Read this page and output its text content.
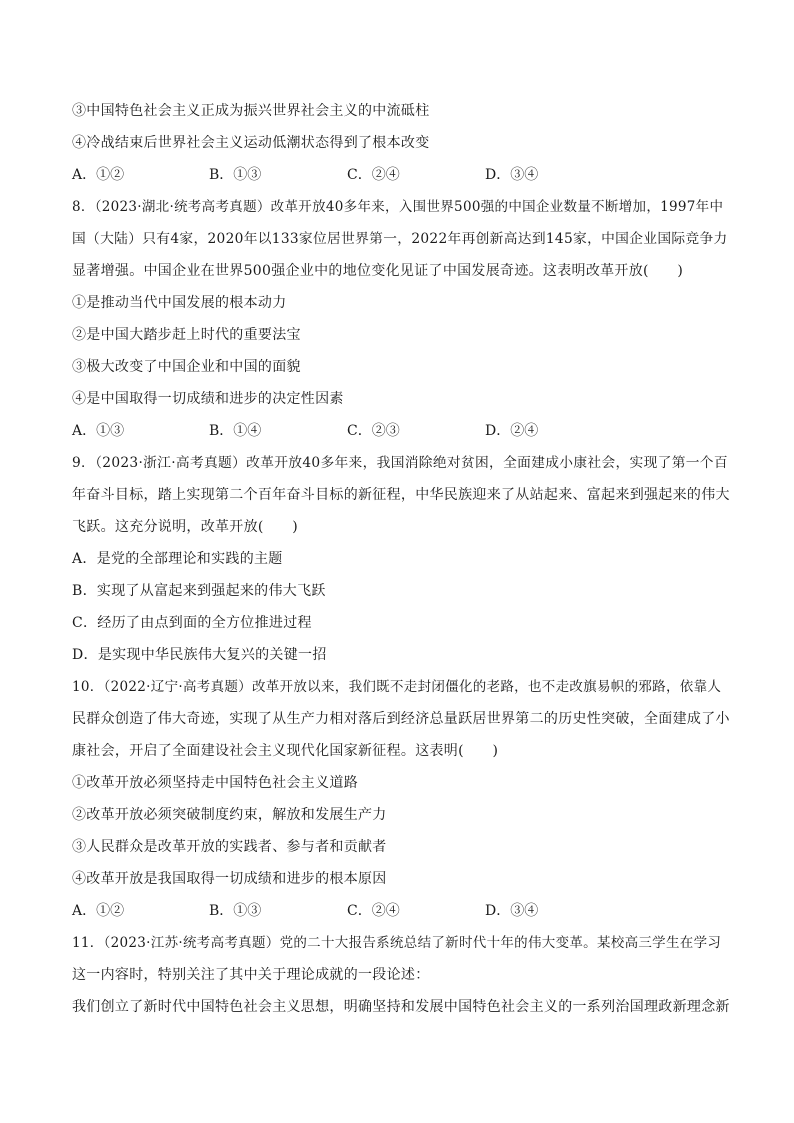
③中国特色社会主义正成为振兴世界社会主义的中流砥柱
④冷战结束后世界社会主义运动低潮状态得到了根本改变
A．①②	B．①③	C．②④	D．③④
8．（2023·湖北·统考高考真题）改革开放40多年来，入围世界500强的中国企业数量不断增加，1997年中
国（大陆）只有4家，2020年以133家位居世界第一，2022年再创新高达到145家，中国企业国际竞争力
显著增强。中国企业在世界500强企业中的地位变化见证了中国发展奇迹。这表明改革开放(　　)
①是推动当代中国发展的根本动力
②是中国大踏步赶上时代的重要法宝
③极大改变了中国企业和中国的面貌
④是中国取得一切成绩和进步的决定性因素
A．①③	B．①④	C．②③	D．②④
9．（2023·浙江·高考真题）改革开放40多年来，我国消除绝对贫困，全面建成小康社会，实现了第一个百
年奋斗目标，踏上实现第二个百年奋斗目标的新征程，中华民族迎来了从站起来、富起来到强起来的伟大
飞跃。这充分说明，改革开放(　　)
A．是党的全部理论和实践的主题
B．实现了从富起来到强起来的伟大飞跃
C．经历了由点到面的全方位推进过程
D．是实现中华民族伟大复兴的关键一招
10．（2022·辽宁·高考真题）改革开放以来，我们既不走封闭僵化的老路，也不走改旗易帜的邪路，依靠人
民群众创造了伟大奇迹，实现了从生产力相对落后到经济总量跃居世界第二的历史性突破，全面建成了小
康社会，开启了全面建设社会主义现代化国家新征程。这表明(　　)
①改革开放必须坚持走中国特色社会主义道路
②改革开放必须突破制度约束，解放和发展生产力
③人民群众是改革开放的实践者、参与者和贡献者
④改革开放是我国取得一切成绩和进步的根本原因
A．①②	B．①③	C．②④	D．③④
11．（2023·江苏·统考高考真题）党的二十大报告系统总结了新时代十年的伟大变革。某校高三学生在学习
这一内容时，特别关注了其中关于理论成就的一段论述：
我们创立了新时代中国特色社会主义思想，明确坚持和发展中国特色社会主义的一系列治国理政新理念新
